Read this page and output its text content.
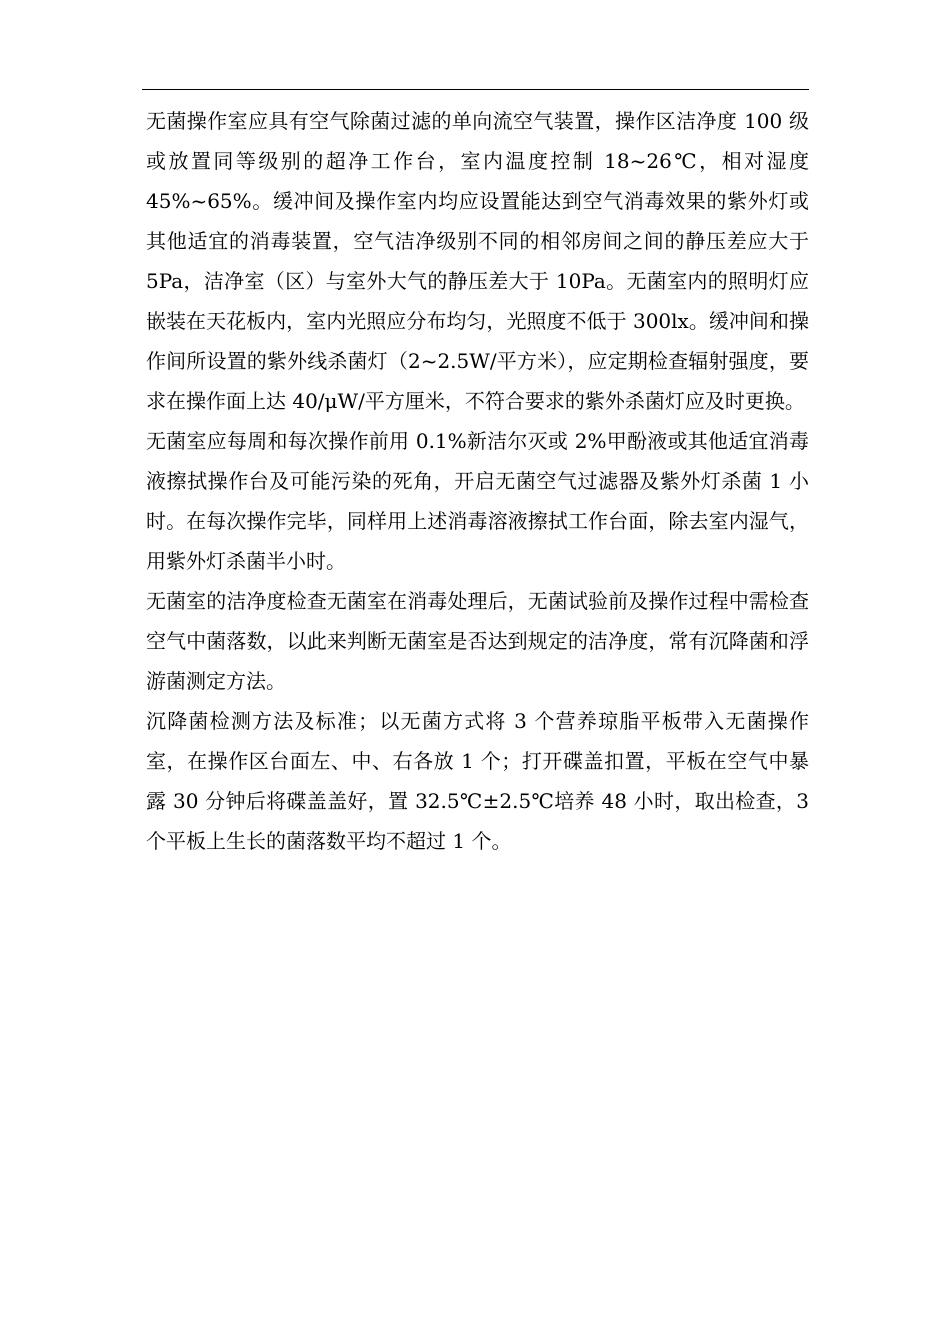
无菌操作室应具有空气除菌过滤的单向流空气装置，操作区洁净度 100 级或放置同等级别的超净工作台，室内温度控制 18~26℃，相对湿度 45%~65%。缓冲间及操作室内均应设置能达到空气消毒效果的紫外灯或其他适宜的消毒装置，空气洁净级别不同的相邻房间之间的静压差应大于 5Pa，洁净室（区）与室外大气的静压差大于 10Pa。无菌室内的照明灯应嵌装在天花板内，室内光照应分布均匀，光照度不低于 300lx。缓冲间和操作间所设置的紫外线杀菌灯（2~2.5W/平方米），应定期检查辐射强度，要求在操作面上达 40/μW/平方厘米，不符合要求的紫外杀菌灯应及时更换。

无菌室应每周和每次操作前用 0.1%新洁尔灭或 2%甲酚液或其他适宜消毒液擦拭操作台及可能污染的死角，开启无菌空气过滤器及紫外灯杀菌 1 小时。在每次操作完毕，同样用上述消毒溶液擦拭工作台面，除去室内湿气，用紫外灯杀菌半小时。

无菌室的洁净度检查无菌室在消毒处理后，无菌试验前及操作过程中需检查空气中菌落数，以此来判断无菌室是否达到规定的洁净度，常有沉降菌和浮游菌测定方法。

沉降菌检测方法及标准；以无菌方式将 3 个营养琼脂平板带入无菌操作室，在操作区台面左、中、右各放 1 个；打开碟盖扣置，平板在空气中暴露 30 分钟后将碟盖盖好，置 32.5℃±2.5℃培养 48 小时，取出检查，3 个平板上生长的菌落数平均不超过 1 个。
